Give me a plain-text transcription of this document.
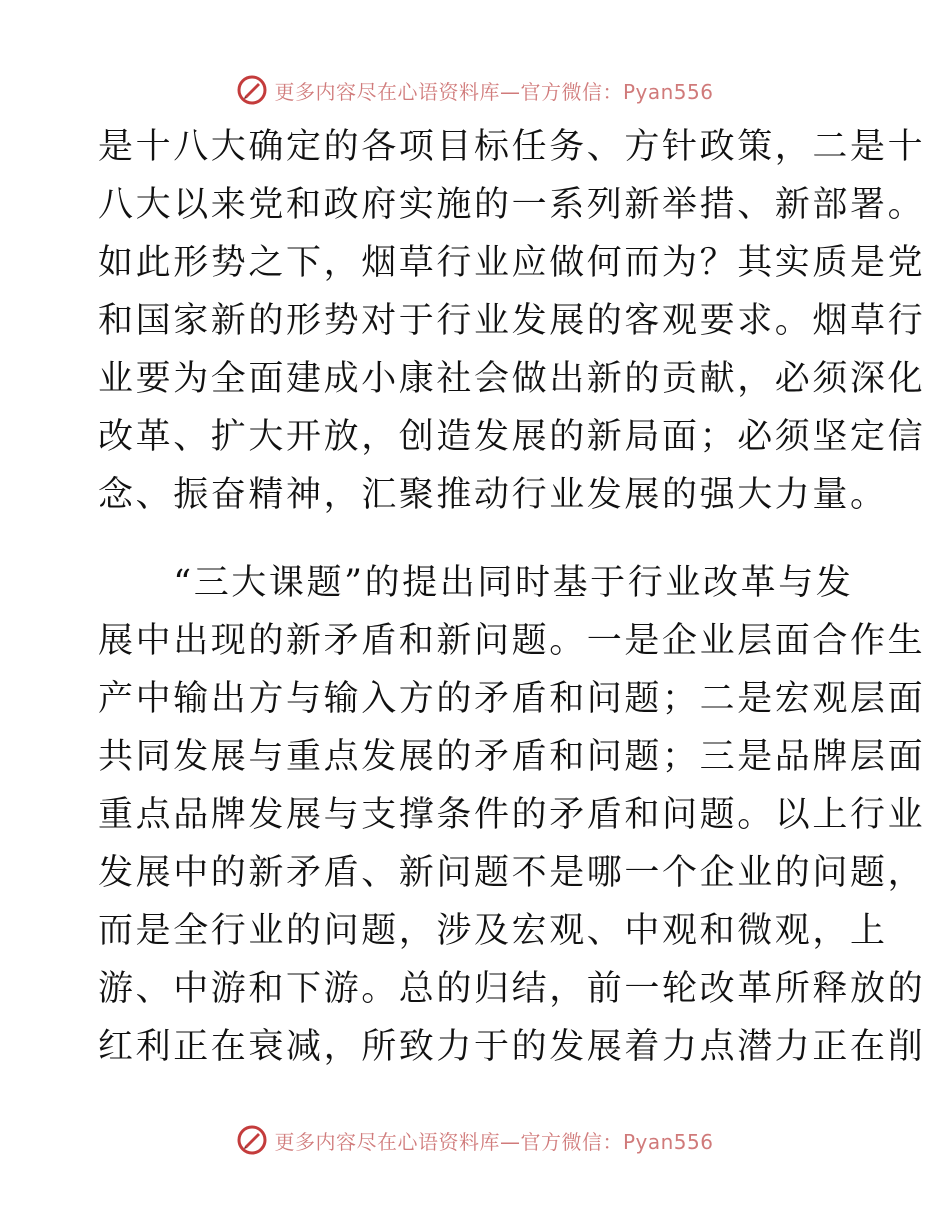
更多内容尽在心语资料库—官方微信：Pyan556
是十八大确定的各项目标任务、方针政策，二是十
八大以来党和政府实施的一系列新举措、新部署。
如此形势之下，烟草行业应做何而为？其实质是党
和国家新的形势对于行业发展的客观要求。烟草行
业要为全面建成小康社会做出新的贡献，必须深化
改革、扩大开放，创造发展的新局面；必须坚定信
念、振奋精神，汇聚推动行业发展的强大力量。
　　“三大课题”的提出同时基于行业改革与发
展中出现的新矛盾和新问题。一是企业层面合作生
产中输出方与输入方的矛盾和问题；二是宏观层面
共同发展与重点发展的矛盾和问题；三是品牌层面
重点品牌发展与支撑条件的矛盾和问题。以上行业
发展中的新矛盾、新问题不是哪一个企业的问题，
而是全行业的问题，涉及宏观、中观和微观，上
游、中游和下游。总的归结，前一轮改革所释放的
红利正在衰减，所致力于的发展着力点潜力正在削
更多内容尽在心语资料库—官方微信：Pyan556
